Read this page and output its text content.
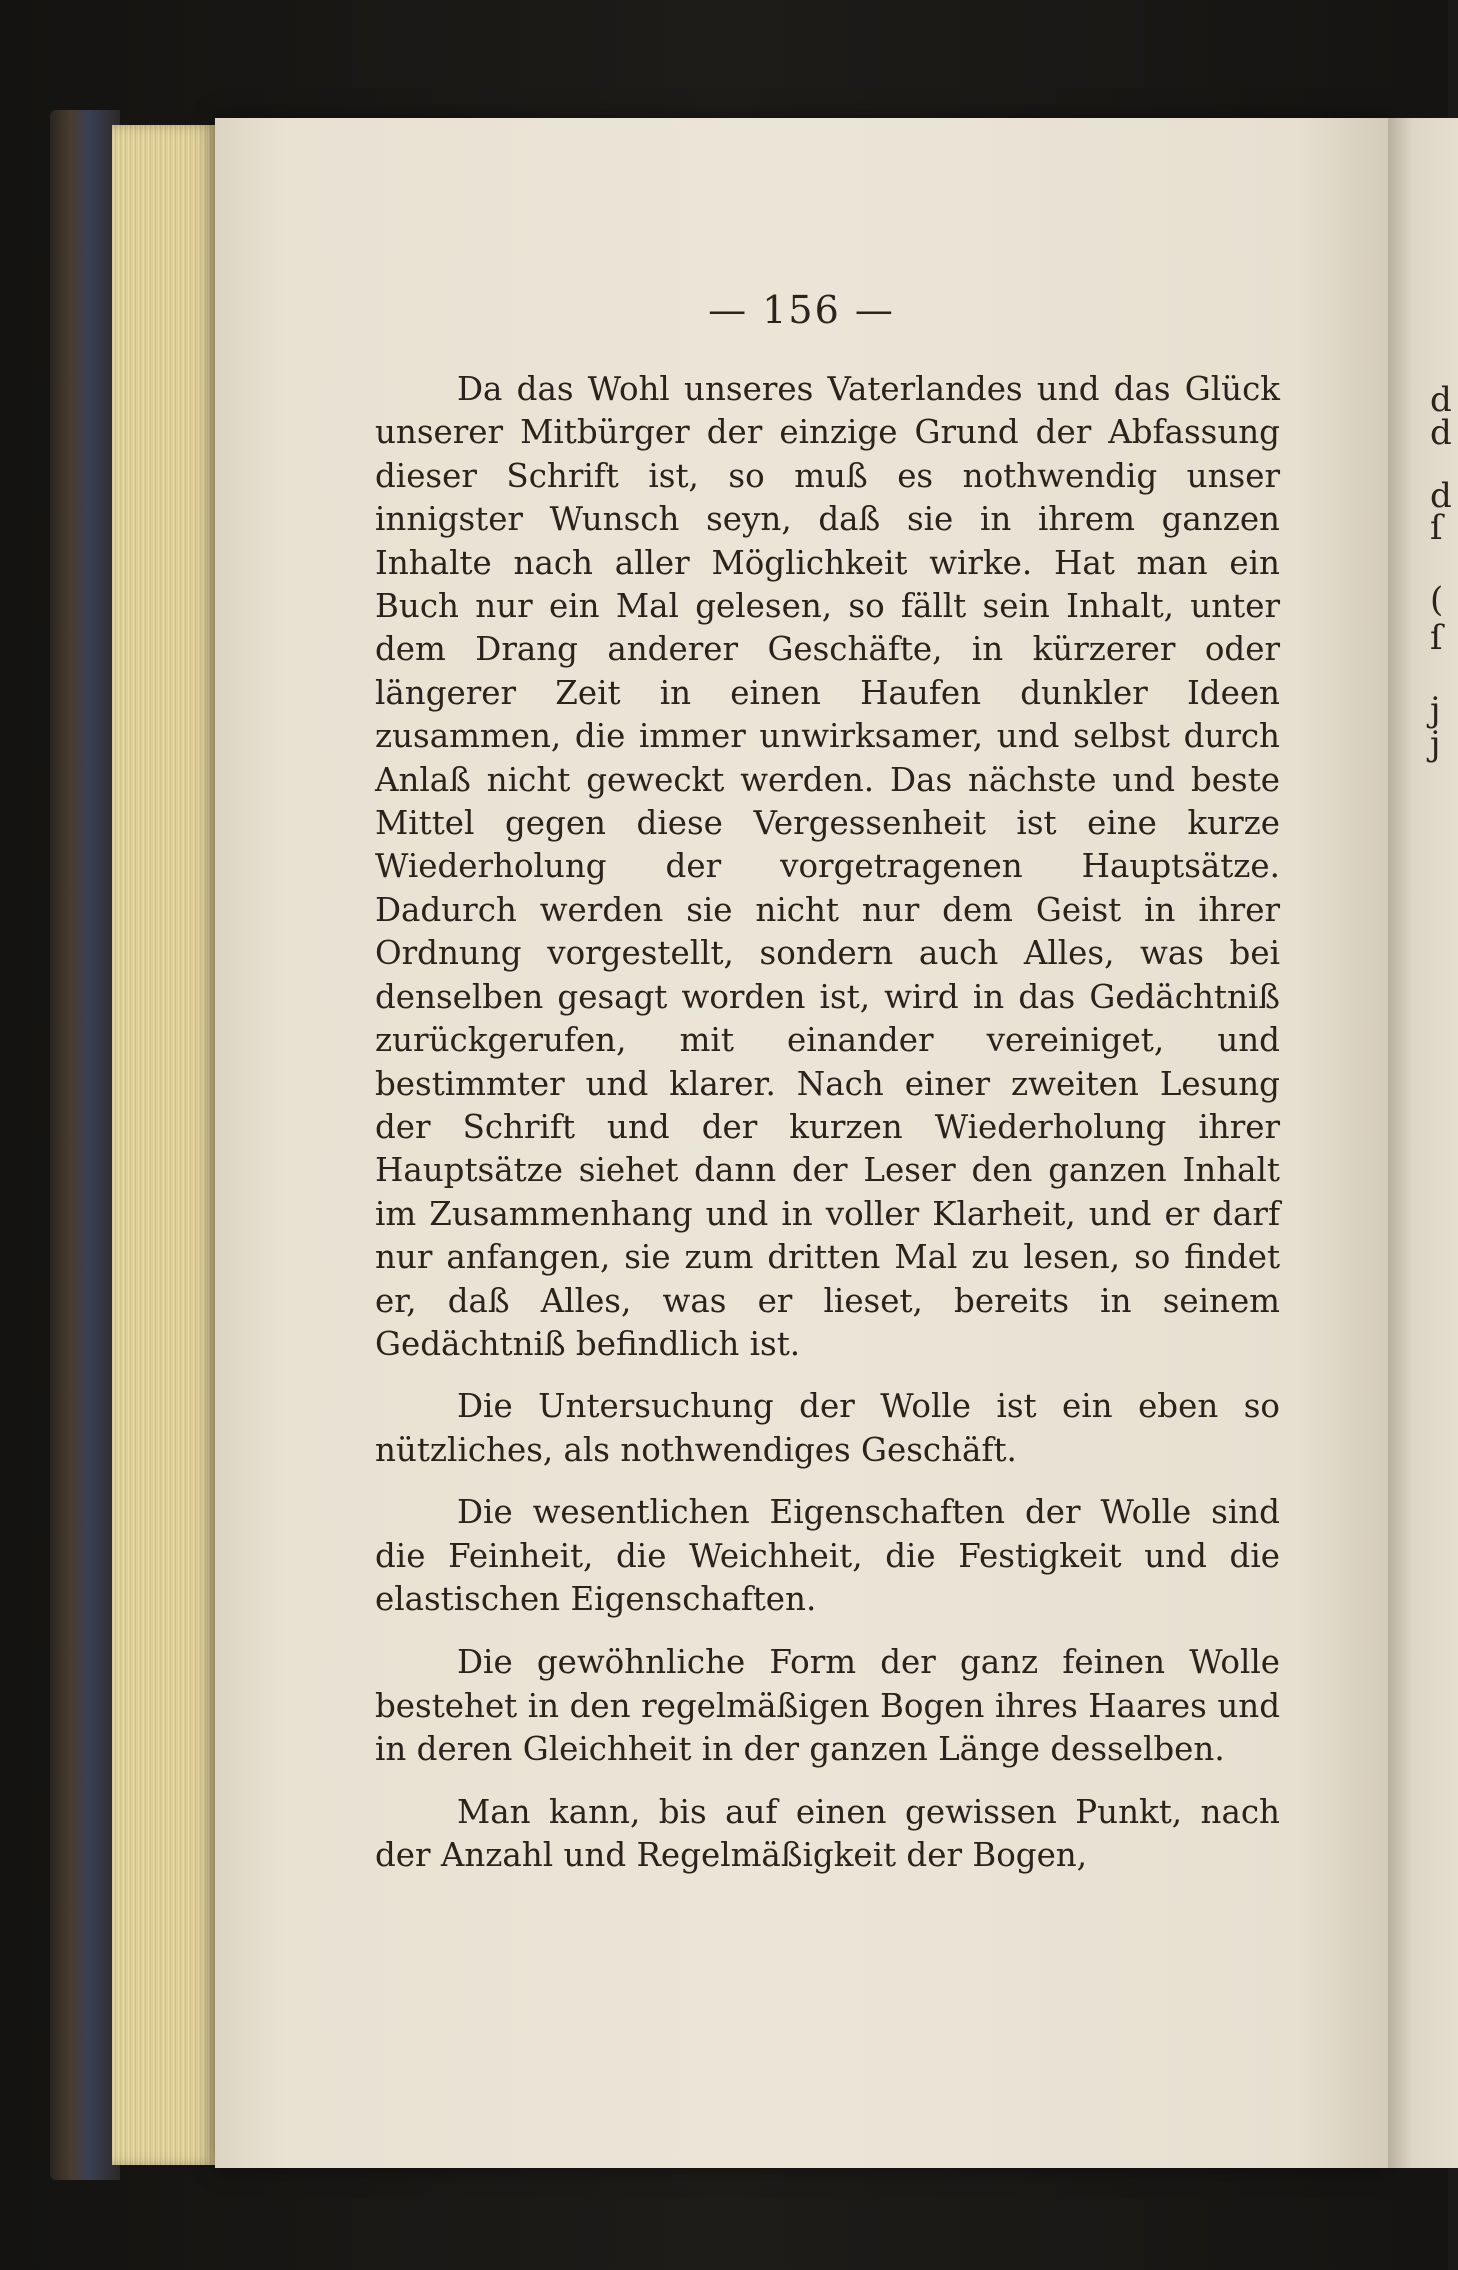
— 156 —

Da das Wohl unseres Vaterlandes und das Glück unserer Mitbürger der einzige Grund der Abfassung dieser Schrift ist, so muß es nothwendig unser innigster Wunsch seyn, daß sie in ihrem ganzen Inhalte nach aller Möglichkeit wirke. Hat man ein Buch nur ein Mal gelesen, so fällt sein Inhalt, unter dem Drang anderer Geschäfte, in kürzerer oder längerer Zeit in einen Haufen dunkler Ideen zusammen, die immer unwirksamer, und selbst durch Anlaß nicht geweckt werden. Das nächste und beste Mittel gegen diese Vergessenheit ist eine kurze Wiederholung der vorgetragenen Hauptsätze. Dadurch werden sie nicht nur dem Geist in ihrer Ordnung vorgestellt, sondern auch Alles, was bei denselben gesagt worden ist, wird in das Gedächtniß zurückgerufen, mit einander vereiniget, und bestimmter und klarer. Nach einer zweiten Lesung der Schrift und der kurzen Wiederholung ihrer Hauptsätze siehet dann der Leser den ganzen Inhalt im Zusammenhang und in voller Klarheit, und er darf nur anfangen, sie zum dritten Mal zu lesen, so findet er, daß Alles, was er lieset, bereits in seinem Gedächtniß befindlich ist.

Die Untersuchung der Wolle ist ein eben so nützliches, als nothwendiges Geschäft.

Die wesentlichen Eigenschaften der Wolle sind die Feinheit, die Weichheit, die Festigkeit und die elastischen Eigenschaften.

Die gewöhnliche Form der ganz feinen Wolle bestehet in den regelmäßigen Bogen ihres Haares und in deren Gleichheit in der ganzen Länge desselben.

Man kann, bis auf einen gewissen Punkt, nach der Anzahl und Regelmäßigkeit der Bogen,

d
d
d
ſ
(
ſ
j
j
